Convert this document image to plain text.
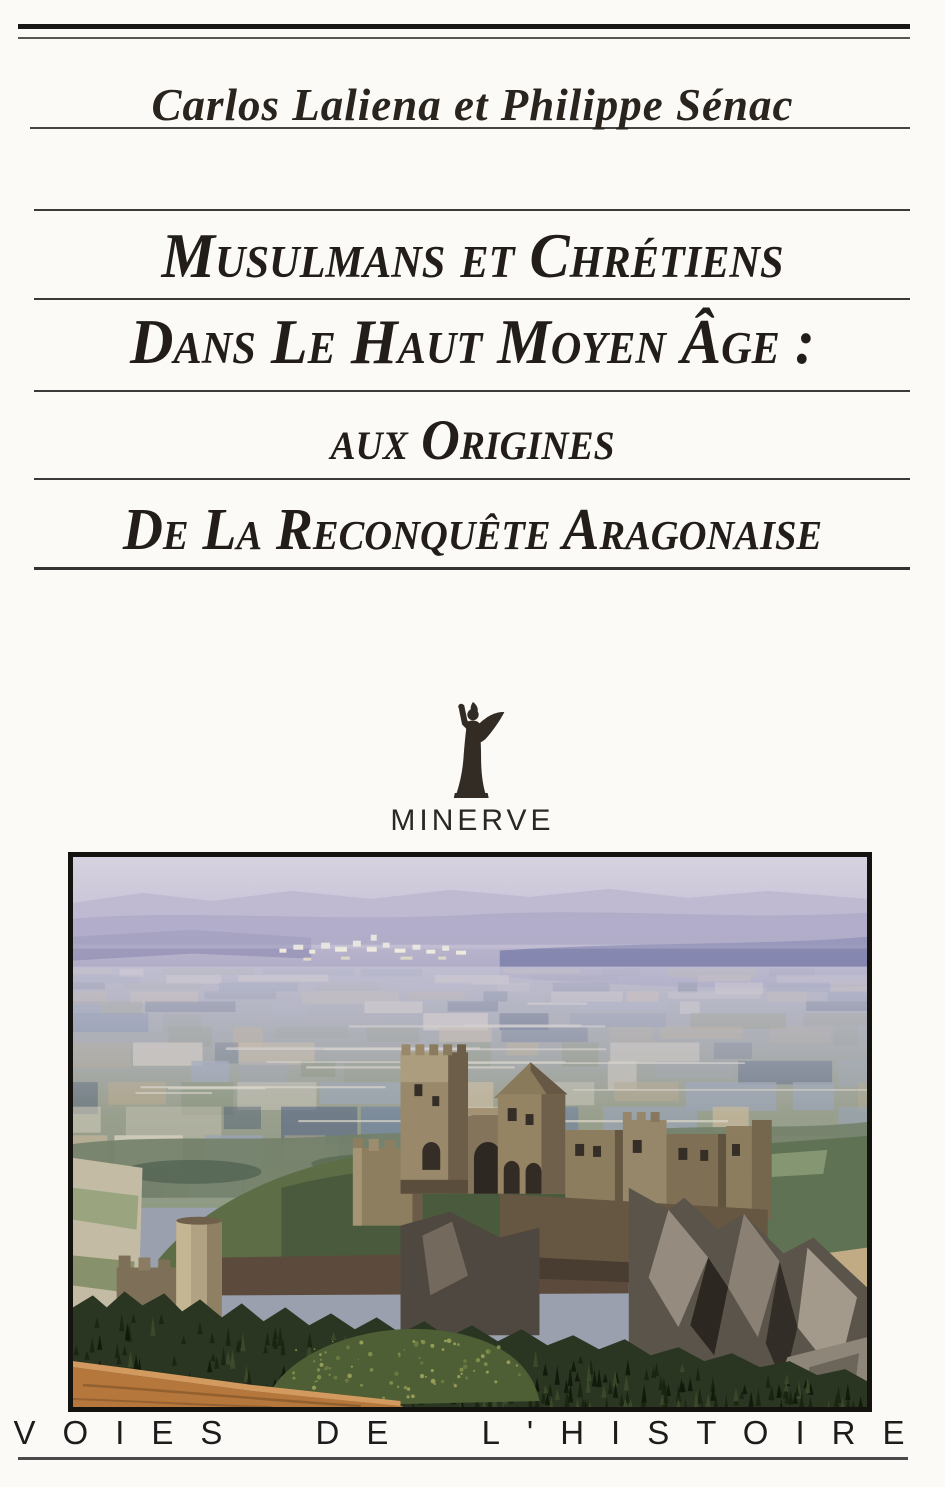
Carlos Laliena et Philippe Sénac
Musulmans et Chrétiens
Dans Le Haut Moyen Âge :
aux Origines
De La Reconquête Aragonaise
MINERVE
VOIES DE L'HISTOIRE
